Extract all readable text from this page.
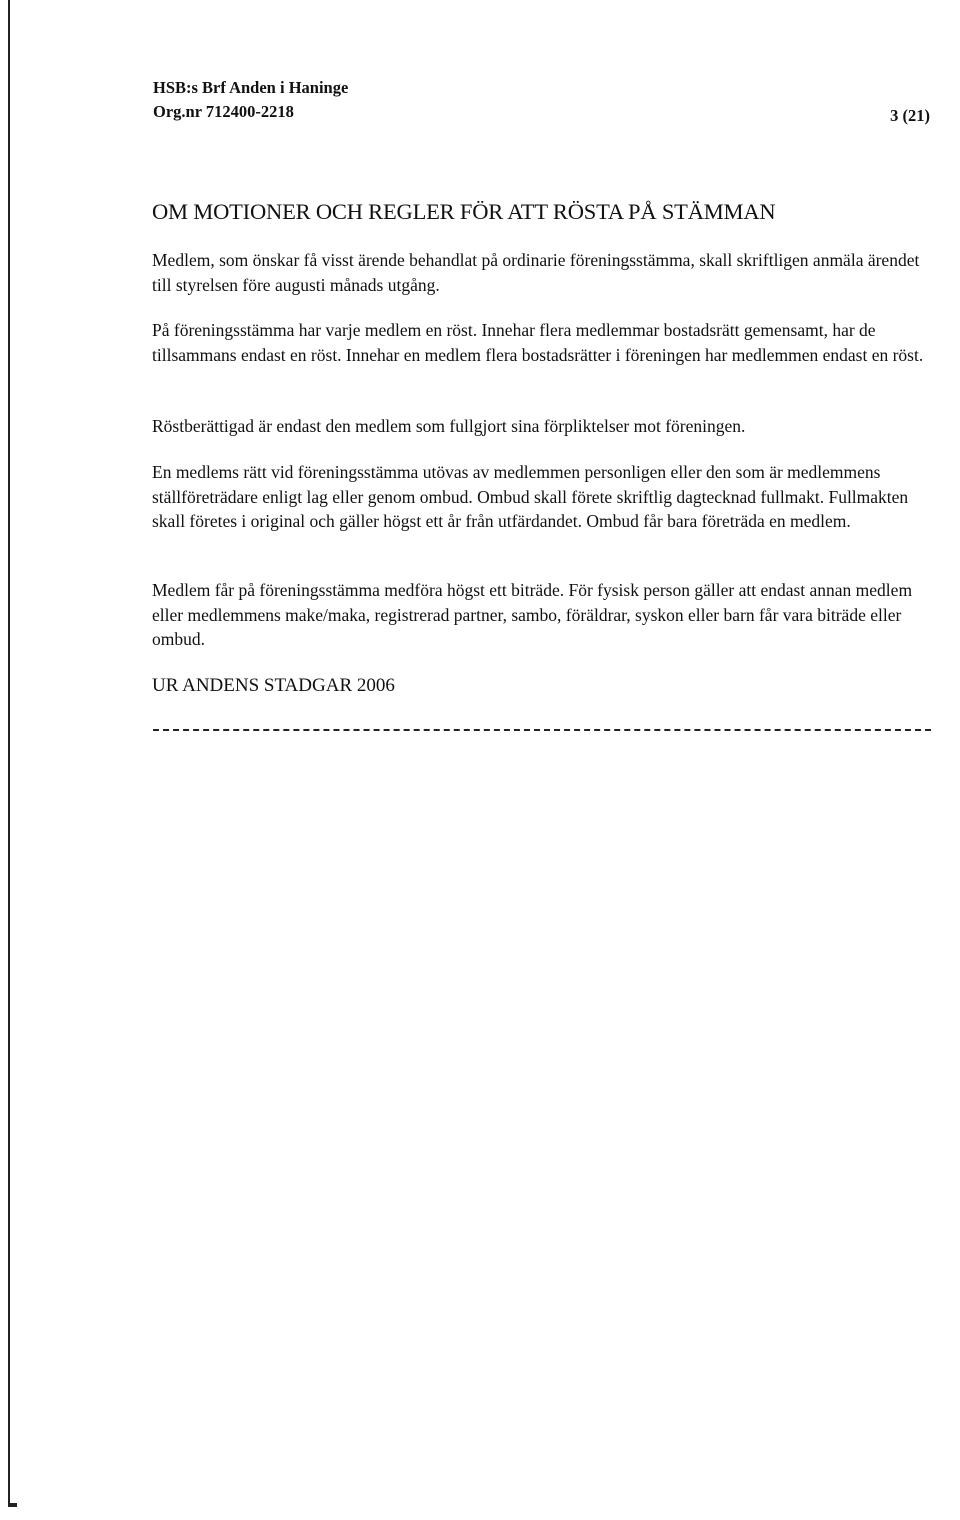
HSB:s Brf Anden i Haninge
Org.nr 712400-2218	3 (21)
OM MOTIONER OCH REGLER FÖR ATT RÖSTA PÅ STÄMMAN

Medlem, som önskar få visst ärende behandlat på ordinarie föreningsstämma, skall skriftligen anmäla ärendet till styrelsen före augusti månads utgång.

På föreningsstämma har varje medlem en röst. Innehar flera medlemmar bostadsrätt gemensamt, har de tillsammans endast en röst. Innehar en medlem flera bostadsrätter i föreningen har medlemmen endast en röst.

Röstberättigad är endast den medlem som fullgjort sina förpliktelser mot föreningen.

En medlems rätt vid föreningsstämma utövas av medlemmen personligen eller den som är medlemmens ställföreträdare enligt lag eller genom ombud. Ombud skall förete skriftlig dagtecknad fullmakt. Fullmakten skall företes i original och gäller högst ett år från utfärdandet. Ombud får bara företräda en medlem.

Medlem får på föreningsstämma medföra högst ett biträde. För fysisk person gäller att endast annan medlem eller medlemmens make/maka, registrerad partner, sambo, föräldrar, syskon eller barn får vara biträde eller ombud.

UR ANDENS STADGAR 2006
